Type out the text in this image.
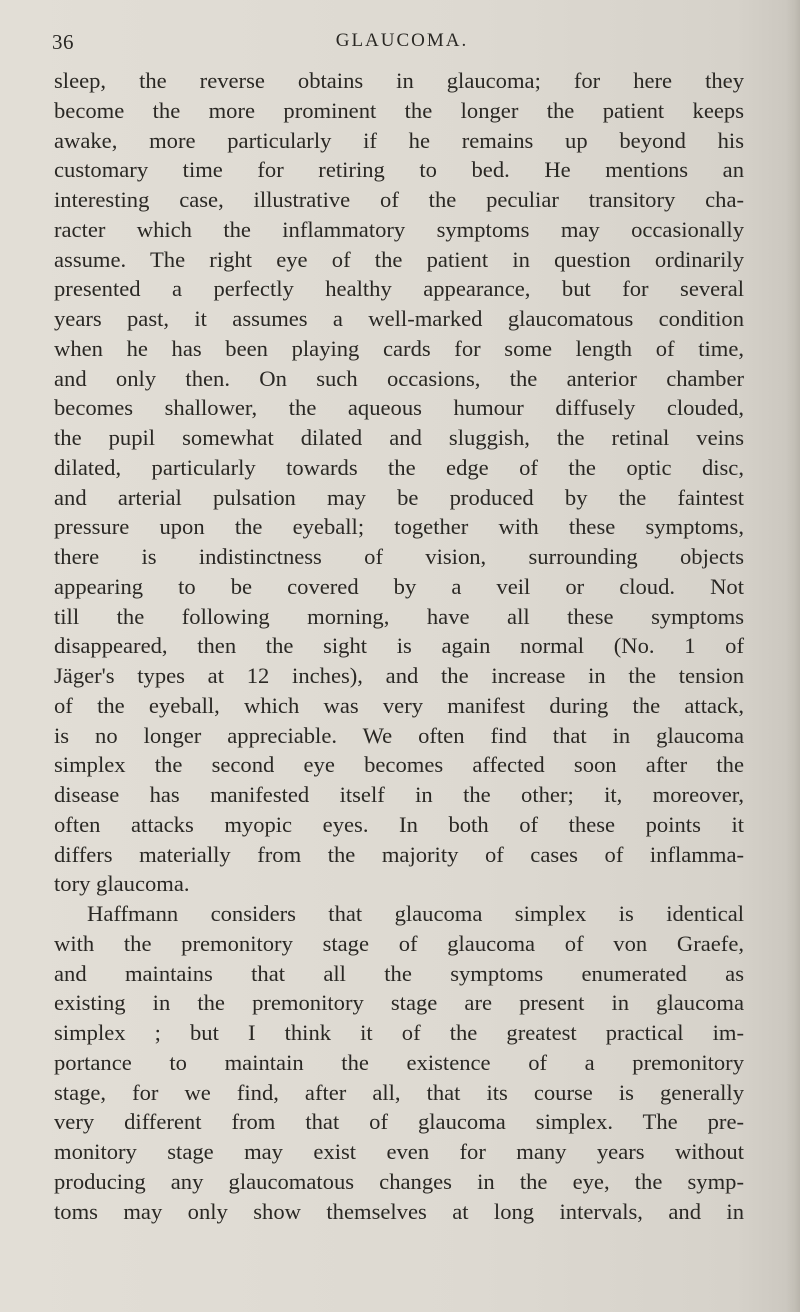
36	GLAUCOMA.
sleep, the reverse obtains in glaucoma; for here they
become the more prominent the longer the patient keeps
awake, more particularly if he remains up beyond his
customary time for retiring to bed. He mentions an
interesting case, illustrative of the peculiar transitory cha-
racter which the inflammatory symptoms may occasionally
assume. The right eye of the patient in question ordinarily
presented a perfectly healthy appearance, but for several
years past, it assumes a well-marked glaucomatous condition
when he has been playing cards for some length of time,
and only then. On such occasions, the anterior chamber
becomes shallower, the aqueous humour diffusely clouded,
the pupil somewhat dilated and sluggish, the retinal veins
dilated, particularly towards the edge of the optic disc,
and arterial pulsation may be produced by the faintest
pressure upon the eyeball; together with these symptoms,
there is indistinctness of vision, surrounding objects
appearing to be covered by a veil or cloud. Not
till the following morning, have all these symptoms
disappeared, then the sight is again normal (No. 1 of
Jäger's types at 12 inches), and the increase in the tension
of the eyeball, which was very manifest during the attack,
is no longer appreciable. We often find that in glaucoma
simplex the second eye becomes affected soon after the
disease has manifested itself in the other; it, moreover,
often attacks myopic eyes. In both of these points it
differs materially from the majority of cases of inflamma-
tory glaucoma.
Haffmann considers that glaucoma simplex is identical
with the premonitory stage of glaucoma of von Graefe,
and maintains that all the symptoms enumerated as
existing in the premonitory stage are present in glaucoma
simplex ; but I think it of the greatest practical im-
portance to maintain the existence of a premonitory
stage, for we find, after all, that its course is generally
very different from that of glaucoma simplex. The pre-
monitory stage may exist even for many years without
producing any glaucomatous changes in the eye, the symp-
toms may only show themselves at long intervals, and in
